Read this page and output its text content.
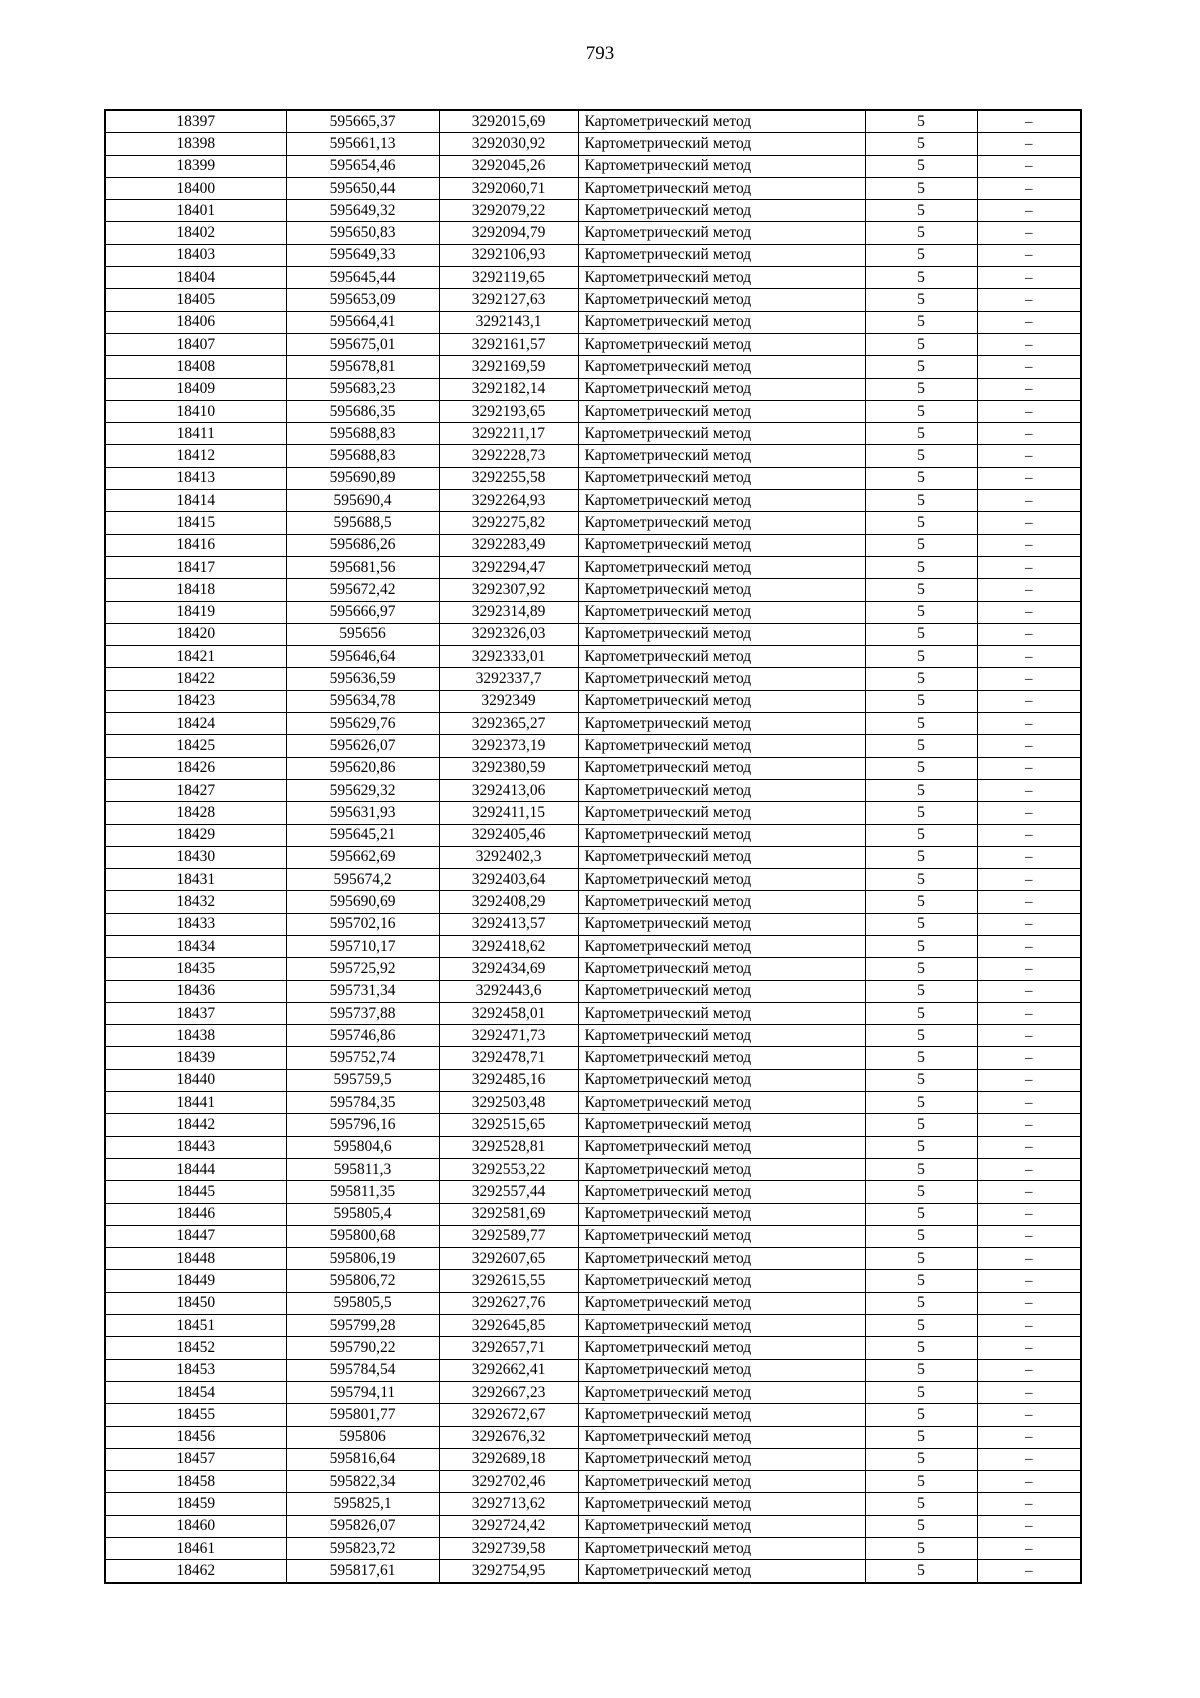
793
18397	595665,37	3292015,69	Картометрический метод	5	–
18398	595661,13	3292030,92	Картометрический метод	5	–
18399	595654,46	3292045,26	Картометрический метод	5	–
18400	595650,44	3292060,71	Картометрический метод	5	–
18401	595649,32	3292079,22	Картометрический метод	5	–
18402	595650,83	3292094,79	Картометрический метод	5	–
18403	595649,33	3292106,93	Картометрический метод	5	–
18404	595645,44	3292119,65	Картометрический метод	5	–
18405	595653,09	3292127,63	Картометрический метод	5	–
18406	595664,41	3292143,1	Картометрический метод	5	–
18407	595675,01	3292161,57	Картометрический метод	5	–
18408	595678,81	3292169,59	Картометрический метод	5	–
18409	595683,23	3292182,14	Картометрический метод	5	–
18410	595686,35	3292193,65	Картометрический метод	5	–
18411	595688,83	3292211,17	Картометрический метод	5	–
18412	595688,83	3292228,73	Картометрический метод	5	–
18413	595690,89	3292255,58	Картометрический метод	5	–
18414	595690,4	3292264,93	Картометрический метод	5	–
18415	595688,5	3292275,82	Картометрический метод	5	–
18416	595686,26	3292283,49	Картометрический метод	5	–
18417	595681,56	3292294,47	Картометрический метод	5	–
18418	595672,42	3292307,92	Картометрический метод	5	–
18419	595666,97	3292314,89	Картометрический метод	5	–
18420	595656	3292326,03	Картометрический метод	5	–
18421	595646,64	3292333,01	Картометрический метод	5	–
18422	595636,59	3292337,7	Картометрический метод	5	–
18423	595634,78	3292349	Картометрический метод	5	–
18424	595629,76	3292365,27	Картометрический метод	5	–
18425	595626,07	3292373,19	Картометрический метод	5	–
18426	595620,86	3292380,59	Картометрический метод	5	–
18427	595629,32	3292413,06	Картометрический метод	5	–
18428	595631,93	3292411,15	Картометрический метод	5	–
18429	595645,21	3292405,46	Картометрический метод	5	–
18430	595662,69	3292402,3	Картометрический метод	5	–
18431	595674,2	3292403,64	Картометрический метод	5	–
18432	595690,69	3292408,29	Картометрический метод	5	–
18433	595702,16	3292413,57	Картометрический метод	5	–
18434	595710,17	3292418,62	Картометрический метод	5	–
18435	595725,92	3292434,69	Картометрический метод	5	–
18436	595731,34	3292443,6	Картометрический метод	5	–
18437	595737,88	3292458,01	Картометрический метод	5	–
18438	595746,86	3292471,73	Картометрический метод	5	–
18439	595752,74	3292478,71	Картометрический метод	5	–
18440	595759,5	3292485,16	Картометрический метод	5	–
18441	595784,35	3292503,48	Картометрический метод	5	–
18442	595796,16	3292515,65	Картометрический метод	5	–
18443	595804,6	3292528,81	Картометрический метод	5	–
18444	595811,3	3292553,22	Картометрический метод	5	–
18445	595811,35	3292557,44	Картометрический метод	5	–
18446	595805,4	3292581,69	Картометрический метод	5	–
18447	595800,68	3292589,77	Картометрический метод	5	–
18448	595806,19	3292607,65	Картометрический метод	5	–
18449	595806,72	3292615,55	Картометрический метод	5	–
18450	595805,5	3292627,76	Картометрический метод	5	–
18451	595799,28	3292645,85	Картометрический метод	5	–
18452	595790,22	3292657,71	Картометрический метод	5	–
18453	595784,54	3292662,41	Картометрический метод	5	–
18454	595794,11	3292667,23	Картометрический метод	5	–
18455	595801,77	3292672,67	Картометрический метод	5	–
18456	595806	3292676,32	Картометрический метод	5	–
18457	595816,64	3292689,18	Картометрический метод	5	–
18458	595822,34	3292702,46	Картометрический метод	5	–
18459	595825,1	3292713,62	Картометрический метод	5	–
18460	595826,07	3292724,42	Картометрический метод	5	–
18461	595823,72	3292739,58	Картометрический метод	5	–
18462	595817,61	3292754,95	Картометрический метод	5	–
